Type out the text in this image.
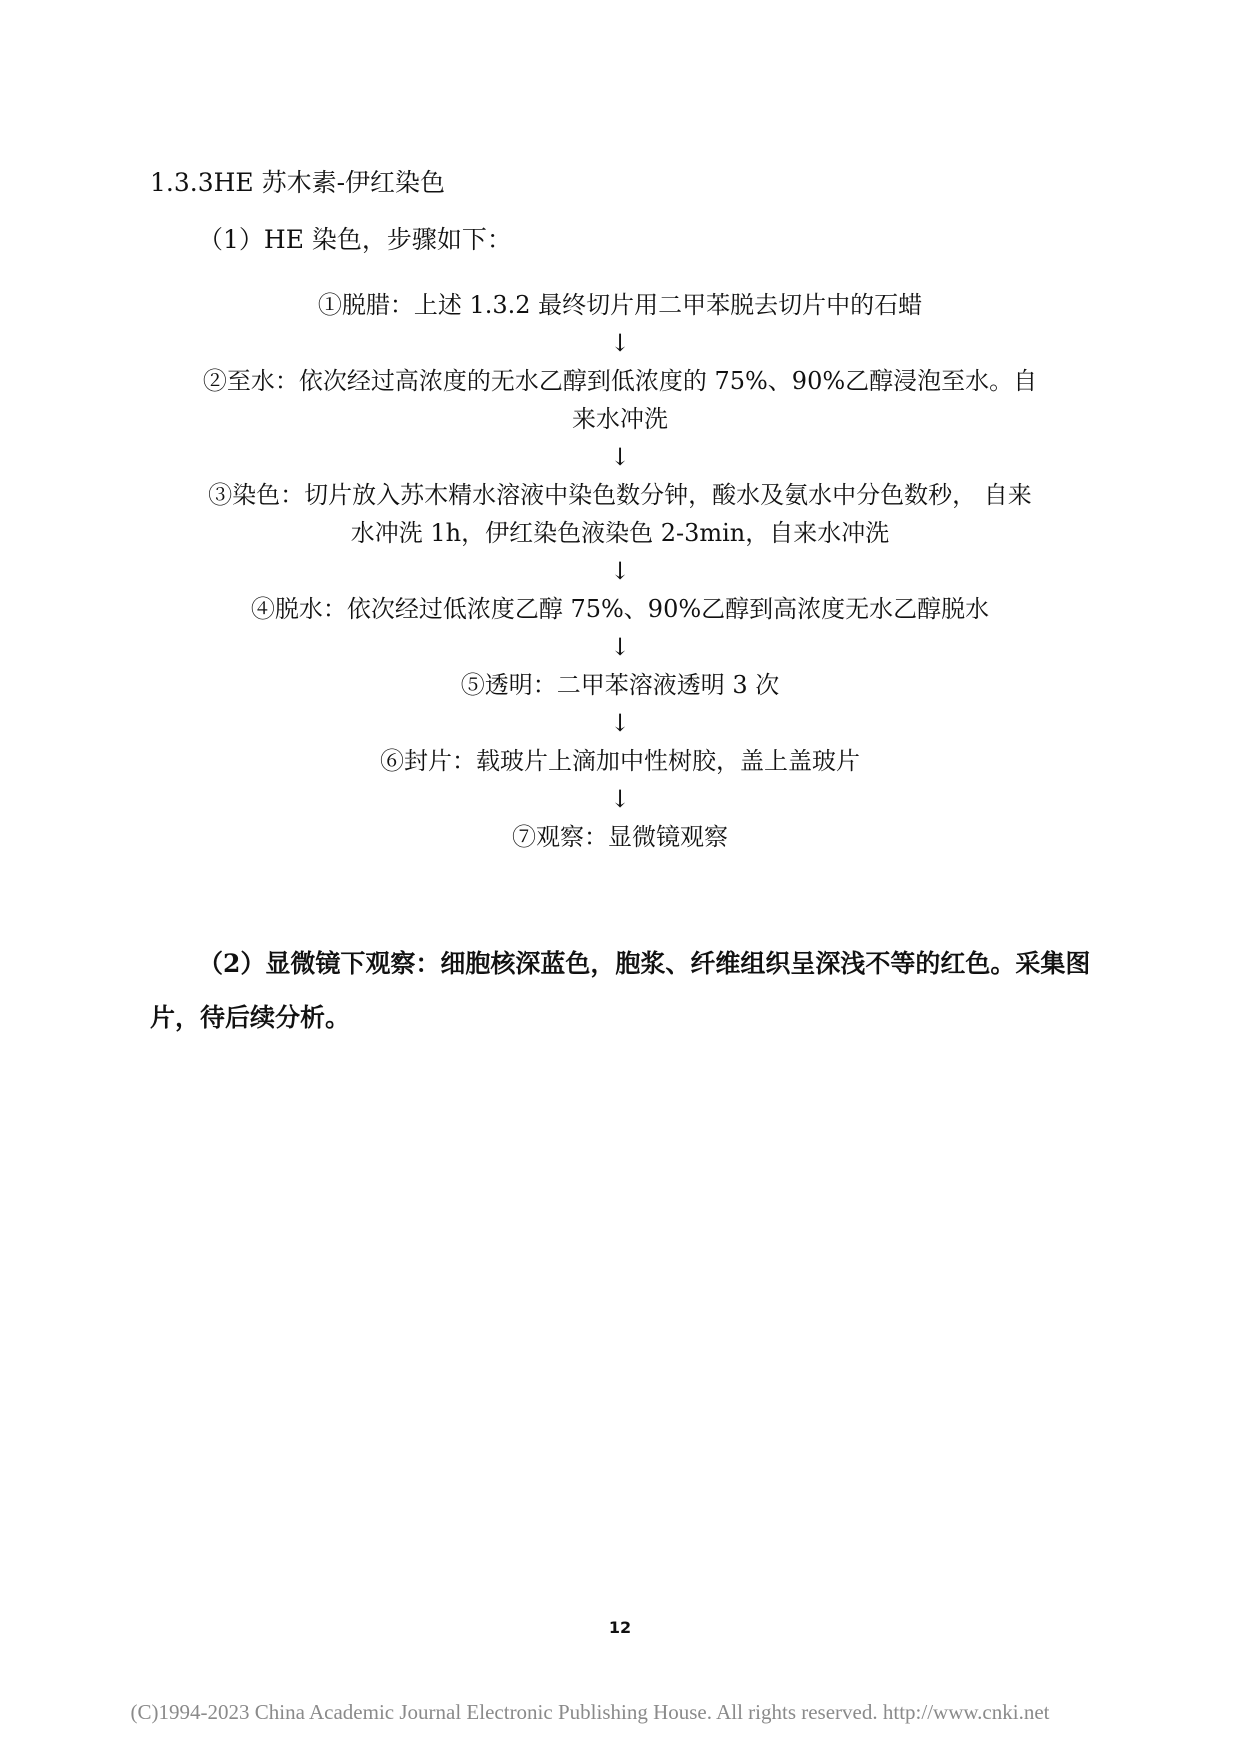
1.3.3HE 苏木素-伊红染色
（1）HE 染色，步骤如下：
①脱腊：上述 1.3.2 最终切片用二甲苯脱去切片中的石蜡
↓
②至水：依次经过高浓度的无水乙醇到低浓度的 75%、90%乙醇浸泡至水。自
来水冲洗
↓
③染色：切片放入苏木精水溶液中染色数分钟，酸水及氨水中分色数秒， 自来
水冲洗 1h，伊红染色液染色 2-3min，自来水冲洗
↓
④脱水：依次经过低浓度乙醇 75%、90%乙醇到高浓度无水乙醇脱水
↓
⑤透明：二甲苯溶液透明 3 次
↓
⑥封片：载玻片上滴加中性树胶，盖上盖玻片
↓
⑦观察：显微镜观察

（2）显微镜下观察：细胞核深蓝色，胞浆、纤维组织呈深浅不等的红色。采集图片，待后续分析。

12
(C)1994-2023 China Academic Journal Electronic Publishing House. All rights reserved. http://www.cnki.net
